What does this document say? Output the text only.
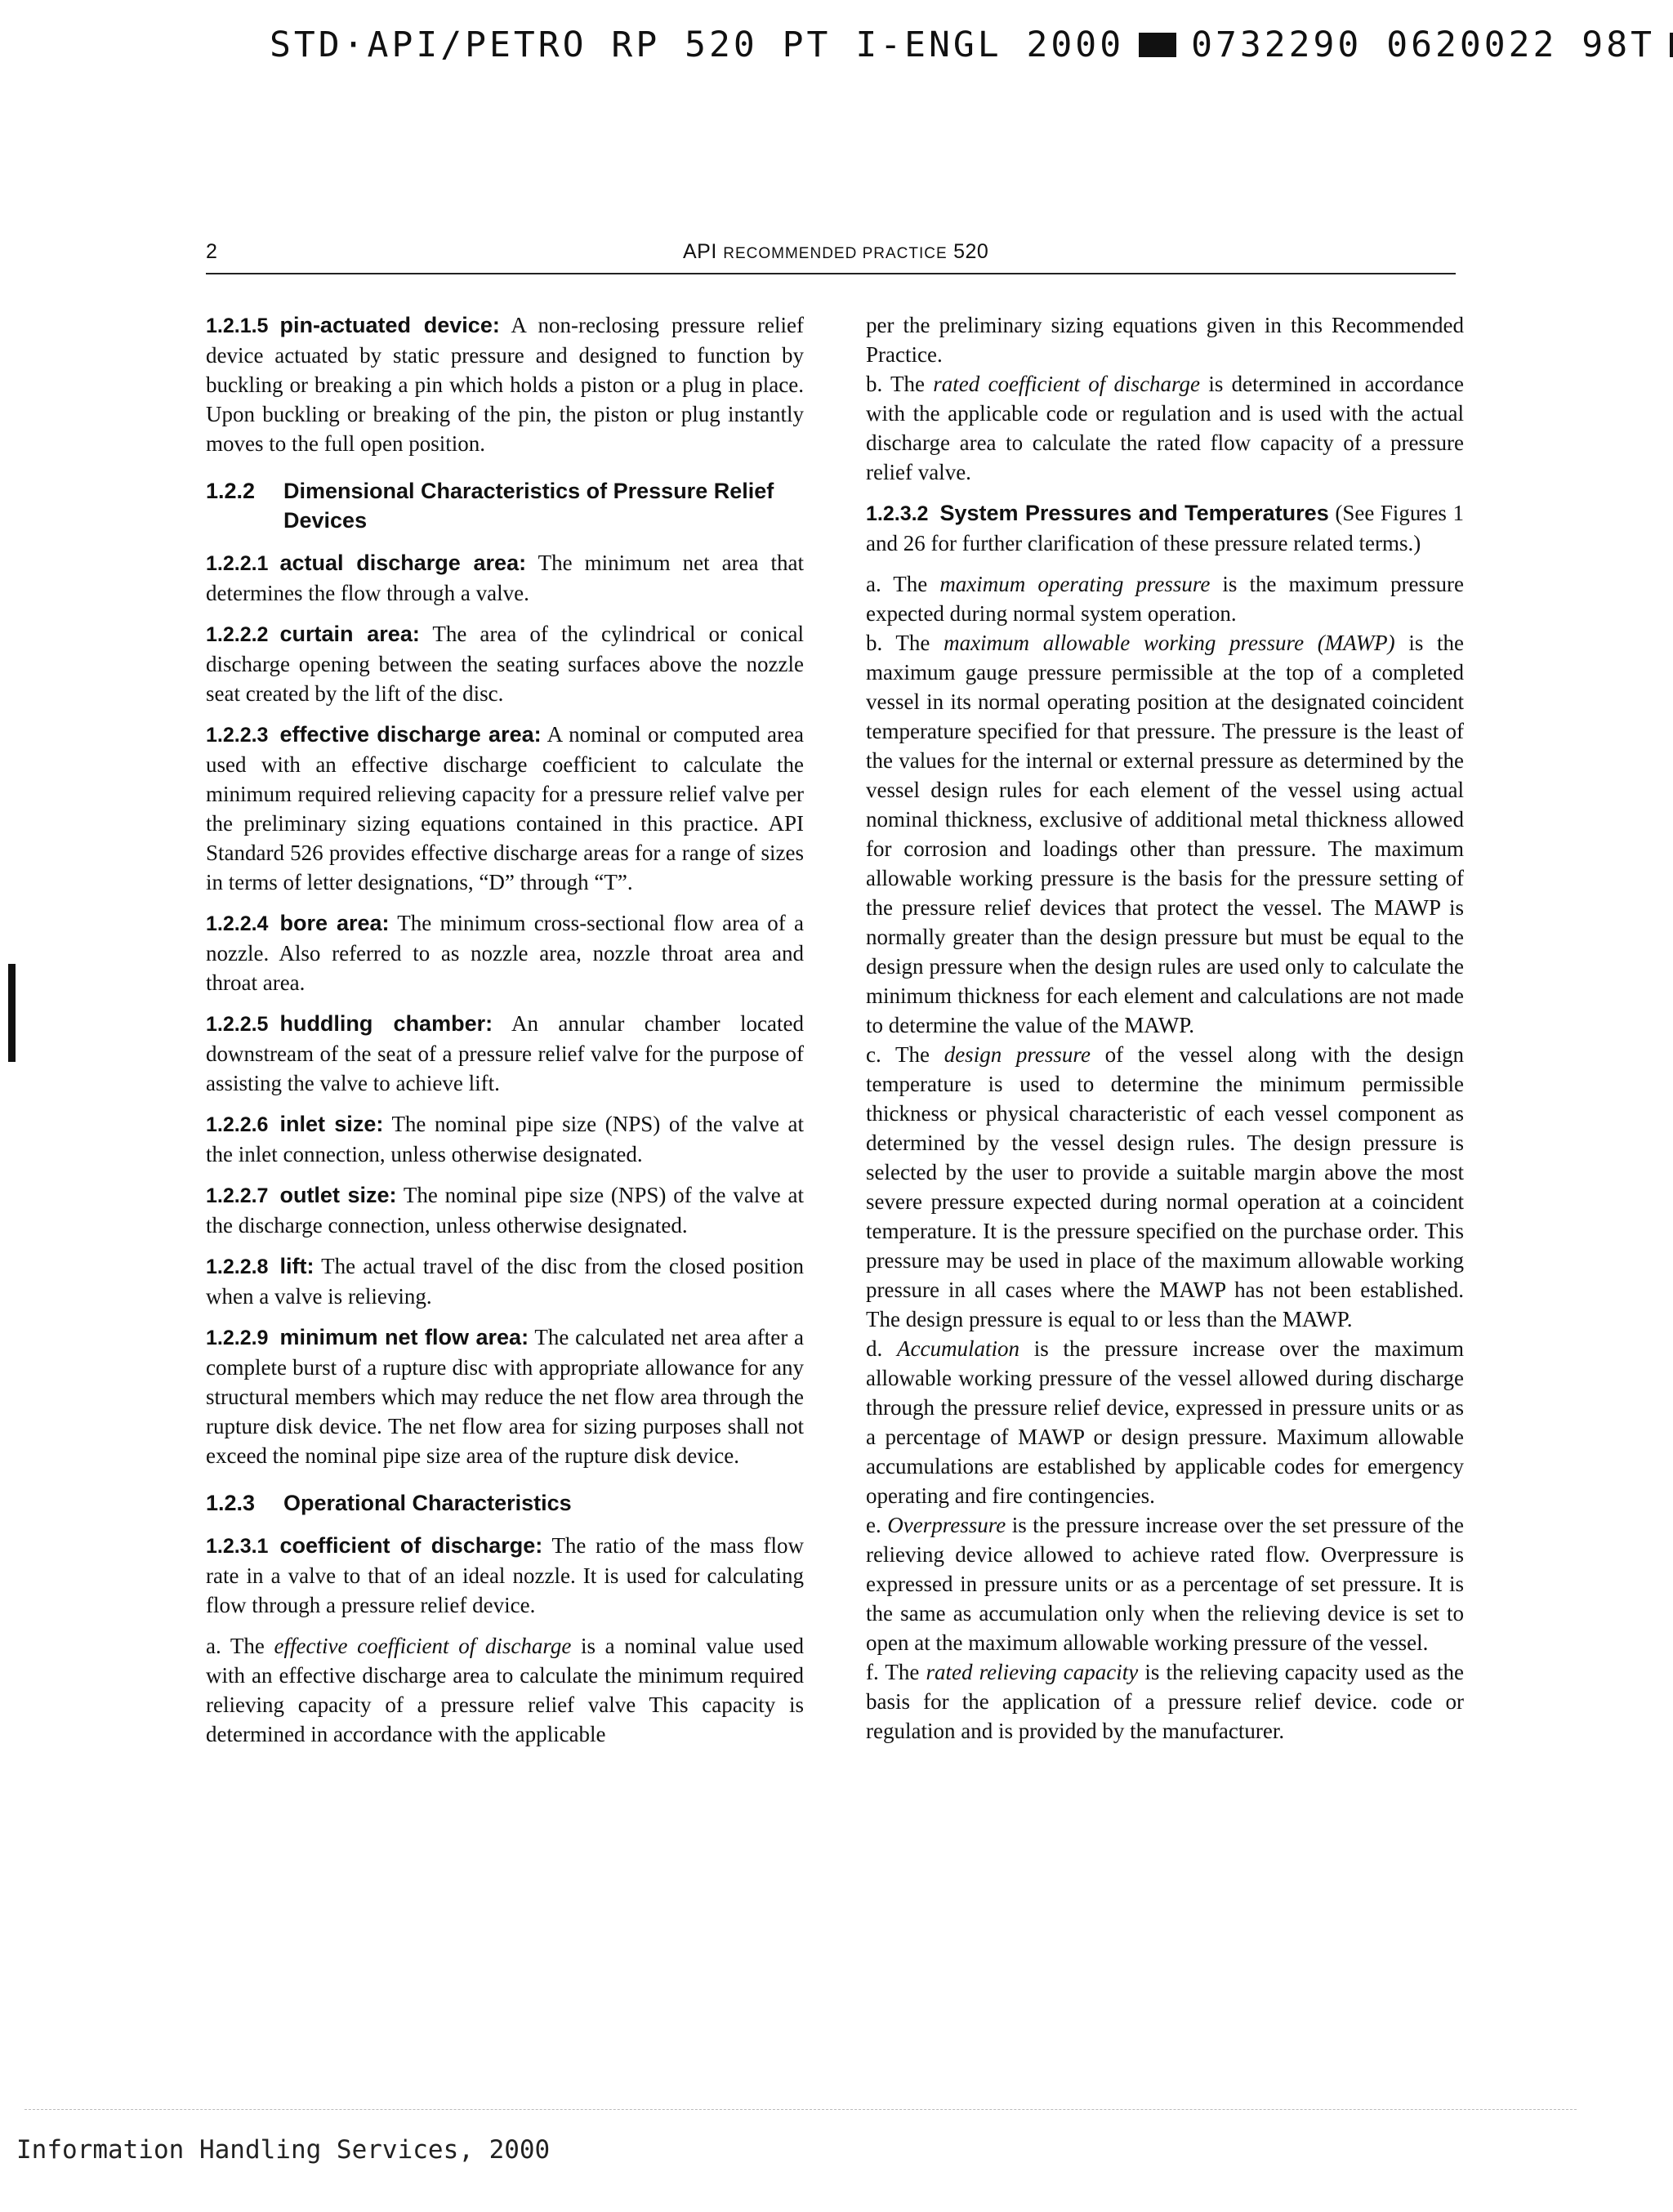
STD·API/PETRO RP 520 PT I-ENGL 2000 0732290 0620022 98T
2	API RECOMMENDED PRACTICE 520

1.2.1.5 pin-actuated device: A non-reclosing pressure relief device actuated by static pressure and designed to function by buckling or breaking a pin which holds a piston or a plug in place. Upon buckling or breaking of the pin, the piston or plug instantly moves to the full open position.

1.2.2	Dimensional Characteristics of Pressure Relief Devices

1.2.2.1 actual discharge area: The minimum net area that determines the flow through a valve.

1.2.2.2 curtain area: The area of the cylindrical or conical discharge opening between the seating surfaces above the nozzle seat created by the lift of the disc.

1.2.2.3 effective discharge area: A nominal or computed area used with an effective discharge coefficient to calculate the minimum required relieving capacity for a pressure relief valve per the preliminary sizing equations contained in this practice. API Standard 526 provides effective discharge areas for a range of sizes in terms of letter designations, “D” through “T”.

1.2.2.4 bore area: The minimum cross-sectional flow area of a nozzle. Also referred to as nozzle area, nozzle throat area and throat area.

1.2.2.5 huddling chamber: An annular chamber located downstream of the seat of a pressure relief valve for the purpose of assisting the valve to achieve lift.

1.2.2.6 inlet size: The nominal pipe size (NPS) of the valve at the inlet connection, unless otherwise designated.

1.2.2.7 outlet size: The nominal pipe size (NPS) of the valve at the discharge connection, unless otherwise designated.

1.2.2.8 lift: The actual travel of the disc from the closed position when a valve is relieving.

1.2.2.9 minimum net flow area: The calculated net area after a complete burst of a rupture disc with appropriate allowance for any structural members which may reduce the net flow area through the rupture disk device. The net flow area for sizing purposes shall not exceed the nominal pipe size area of the rupture disk device.

1.2.3	Operational Characteristics

1.2.3.1 coefficient of discharge: The ratio of the mass flow rate in a valve to that of an ideal nozzle. It is used for calculating flow through a pressure relief device.

a. The effective coefficient of discharge is a nominal value used with an effective discharge area to calculate the minimum required relieving capacity of a pressure relief valve This capacity is determined in accordance with the applicable

per the preliminary sizing equations given in this Recommended Practice.

b. The rated coefficient of discharge is determined in accordance with the applicable code or regulation and is used with the actual discharge area to calculate the rated flow capacity of a pressure relief valve.

1.2.3.2 System Pressures and Temperatures (See Figures 1 and 26 for further clarification of these pressure related terms.)

a. The maximum operating pressure is the maximum pressure expected during normal system operation.

b. The maximum allowable working pressure (MAWP) is the maximum gauge pressure permissible at the top of a completed vessel in its normal operating position at the designated coincident temperature specified for that pressure. The pressure is the least of the values for the internal or external pressure as determined by the vessel design rules for each element of the vessel using actual nominal thickness, exclusive of additional metal thickness allowed for corrosion and loadings other than pressure. The maximum allowable working pressure is the basis for the pressure setting of the pressure relief devices that protect the vessel. The MAWP is normally greater than the design pressure but must be equal to the design pressure when the design rules are used only to calculate the minimum thickness for each element and calculations are not made to determine the value of the MAWP.

c. The design pressure of the vessel along with the design temperature is used to determine the minimum permissible thickness or physical characteristic of each vessel component as determined by the vessel design rules. The design pressure is selected by the user to provide a suitable margin above the most severe pressure expected during normal operation at a coincident temperature. It is the pressure specified on the purchase order. This pressure may be used in place of the maximum allowable working pressure in all cases where the MAWP has not been established. The design pressure is equal to or less than the MAWP.

d. Accumulation is the pressure increase over the maximum allowable working pressure of the vessel allowed during discharge through the pressure relief device, expressed in pressure units or as a percentage of MAWP or design pressure. Maximum allowable accumulations are established by applicable codes for emergency operating and fire contingencies.

e. Overpressure is the pressure increase over the set pressure of the relieving device allowed to achieve rated flow. Overpressure is expressed in pressure units or as a percentage of set pressure. It is the same as accumulation only when the relieving device is set to open at the maximum allowable working pressure of the vessel.

f. The rated relieving capacity is the relieving capacity used as the basis for the application of a pressure relief device. code or regulation and is provided by the manufacturer.

Information Handling Services, 2000
